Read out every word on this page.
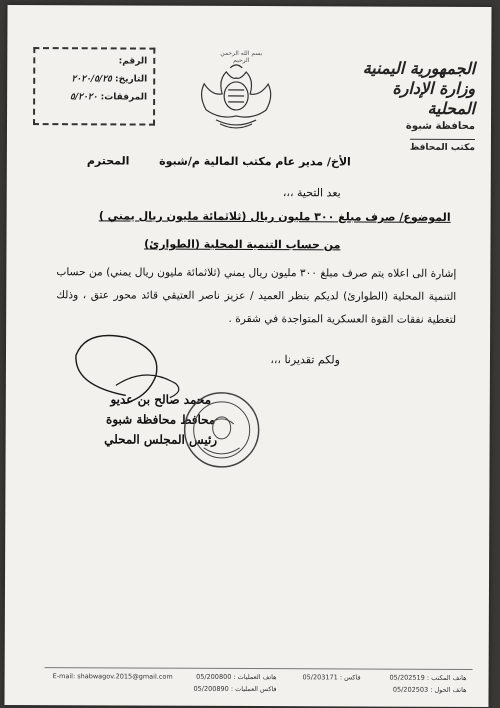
الجمهورية اليمنية
وزارة الإدارة المحلية
محافظة شبوة
مكتب المحافظ
بسم الله الرحمن الرحيم
الرقم:
التاريخ: ٢٠٢٠/٥/٢٥
المرفقات: ٥/٢٠٢٠
الأخ/ مدير عام مكتب المالية م/شبوة
المحترم
بعد التحية ،،،
الموضوع/ صرف مبلغ ٣٠٠ مليون ريال (ثلاثمائة مليون ريال يمني )
من حساب التنمية المحلية (الطوارئ)
إشارة الى اعلاه يتم صرف مبلغ ٣٠٠ مليون ريال يمني (ثلاثمائة مليون ريال يمني) من حساب التنمية المحلية (الطوارئ) لديكم بنظر العميد / عزيز ناصر العتيقي قائد محور عتق ، وذلك لتغطية نفقات القوة العسكرية المتواجدة في شقرة .
ولكم تقديرنا ،،،
محمد صالح بن عديو
محافظ محافظة شبوة
رئيس المجلس المحلي
E-mail: shabwagov.2015@gmail.com	هاتف المكتب : 05/202519
هاتف الحول : 05/202503
فاكس : 05/203171
هاتف العمليات : 05/200800
فاكس العمليات : 05/200890
